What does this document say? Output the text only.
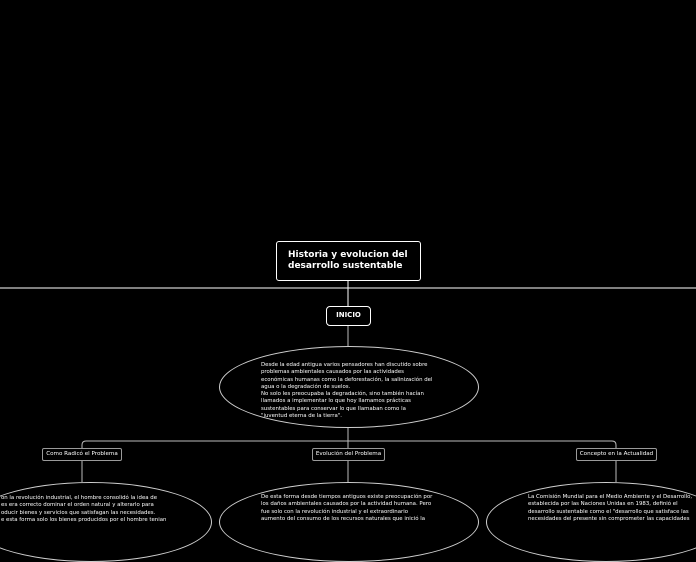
Historia y evolucion del desarrollo sustentable
INICIO
Desde la edad antigua varios pensadores han discutido sobre
problemas ambientales causados por las actividades
económicas humanas como la deforestación, la salinización del
agua o la degradación de suelos.
No solo les preocupaba la degradación, sino también hacían
llamados a implementar lo que hoy llamamos prácticas
sustentables para conservar lo que llamaban como la
"juventud eterna de la tierra".
Como Radicó el Problema	Evolución del Problema	Concepto en la Actualidad
on la revolución industrial, el hombre consolidó la idea de
es era correcto dominar el orden natural y alterarlo para
oducir bienes y servicios que satisfagan las necesidades.
e esta forma solo los bienes producidos por el hombre tenian
De esta forma desde tiempos antiguos existe preocupación por
los daños ambientales causados por la actividad humana. Pero
fue solo con la revolución industrial y el extraordinario
aumento del consumo de los recursos naturales que inició la
La Comisión Mundial para el Medio Ambiente y el Desarrollo,
establecida por las Naciones Unidas en 1983, definió el
desarrollo sustentable como el "desarrollo que satisface las
necesidades del presente sin comprometer las capacidades
